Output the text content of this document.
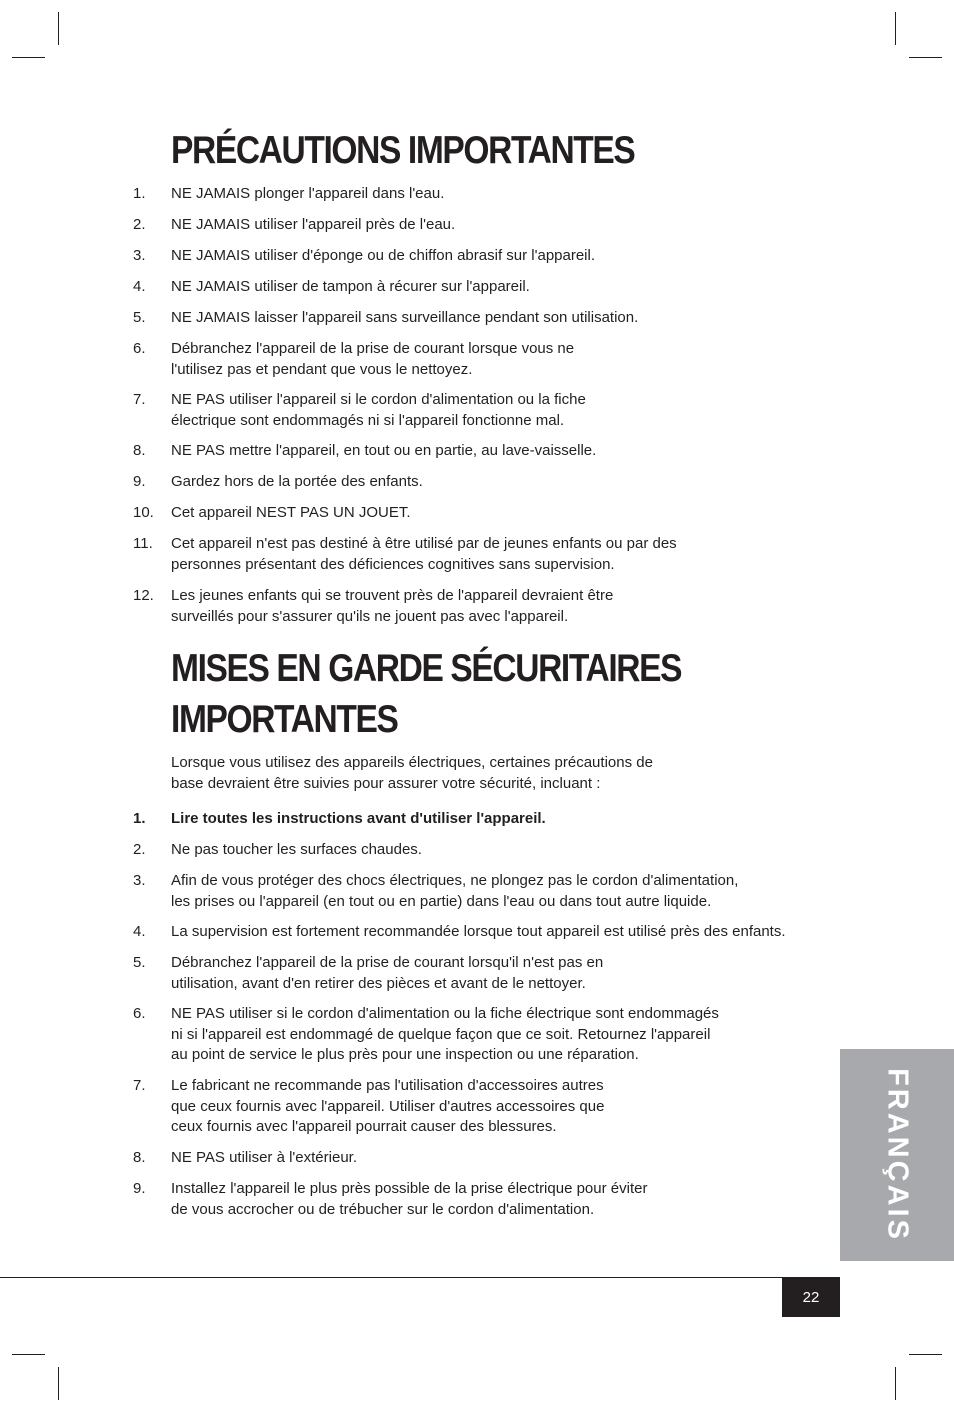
PRÉCAUTIONS IMPORTANTES
1.	NE JAMAIS plonger l'appareil dans l'eau.
2.	NE JAMAIS utiliser l'appareil près de l'eau.
3.	NE JAMAIS utiliser d'éponge ou de chiffon abrasif sur l'appareil.
4.	NE JAMAIS utiliser de tampon à récurer sur l'appareil.
5.	NE JAMAIS laisser l'appareil sans surveillance pendant son utilisation.
6.	Débranchez l'appareil de la prise de courant lorsque vous ne
l'utilisez pas et pendant que vous le nettoyez.
7.	NE PAS utiliser l'appareil si le cordon d'alimentation ou la fiche
électrique sont endommagés ni si l'appareil fonctionne mal.
8.	NE PAS mettre l'appareil, en tout ou en partie, au lave-vaisselle.
9.	Gardez hors de la portée des enfants.
10.	Cet appareil NEST PAS UN JOUET.
11.	Cet appareil n'est pas destiné à être utilisé par de jeunes enfants ou par des
personnes présentant des déficiences cognitives sans supervision.
12.	Les jeunes enfants qui se trouvent près de l'appareil devraient être
surveillés pour s'assurer qu'ils ne jouent pas avec l'appareil.
MISES EN GARDE SÉCURITAIRES
IMPORTANTES
Lorsque vous utilisez des appareils électriques, certaines précautions de
base devraient être suivies pour assurer votre sécurité, incluant :
1.	Lire toutes les instructions avant d'utiliser l'appareil.
2.	Ne pas toucher les surfaces chaudes.
3.	Afin de vous protéger des chocs électriques, ne plongez pas le cordon d'alimentation,
les prises ou l'appareil (en tout ou en partie) dans l'eau ou dans tout autre liquide.
4.	La supervision est fortement recommandée lorsque tout appareil est utilisé près des enfants.
5.	Débranchez l'appareil de la prise de courant lorsqu'il n'est pas en
utilisation, avant d'en retirer des pièces et avant de le nettoyer.
6.	NE PAS utiliser si le cordon d'alimentation ou la fiche électrique sont endommagés
ni si l'appareil est endommagé de quelque façon que ce soit. Retournez l'appareil
au point de service le plus près pour une inspection ou une réparation.
7.	Le fabricant ne recommande pas l'utilisation d'accessoires autres
que ceux fournis avec l'appareil. Utiliser d'autres accessoires que
ceux fournis avec l'appareil pourrait causer des blessures.
8.	NE PAS utiliser à l'extérieur.
9.	Installez l'appareil le plus près possible de la prise électrique pour éviter
de vous accrocher ou de trébucher sur le cordon d'alimentation.	FRANÇAIS
22
